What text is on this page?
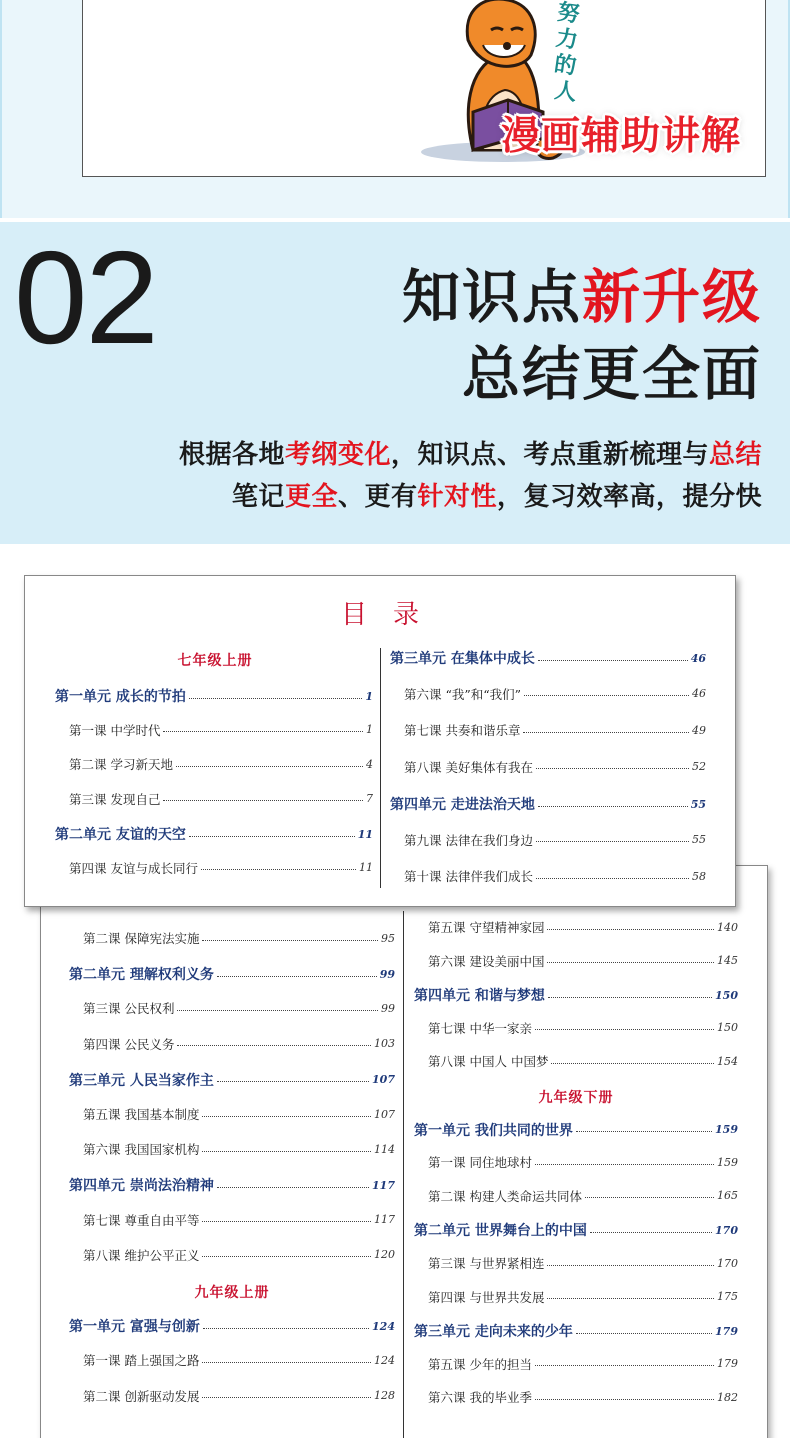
努
力
的
人
漫画辅助讲解
02	知识点新升级
总结更全面
根据各地考纲变化，知识点、考点重新梳理与总结
笔记更全、更有针对性，复习效率高，提分快
第二课 保障宪法实施	95
第二单元 理解权利义务	99
第三课 公民权利	99
第四课 公民义务	103
第三单元 人民当家作主	107
第五课 我国基本制度	107
第六课 我国国家机构	114
第四单元 崇尚法治精神	117
第七课 尊重自由平等	117
第八课 维护公平正义	120
九年级上册
第一单元 富强与创新	124
第一课 踏上强国之路	124
第二课 创新驱动发展	128
第五课 守望精神家园	140
第六课 建设美丽中国	145
第四单元 和谐与梦想	150
第七课 中华一家亲	150
第八课 中国人 中国梦	154
九年级下册
第一单元 我们共同的世界	159
第一课 同住地球村	159
第二课 构建人类命运共同体	165
第二单元 世界舞台上的中国	170
第三课 与世界紧相连	170
第四课 与世界共发展	175
第三单元 走向未来的少年	179
第五课 少年的担当	179
第六课 我的毕业季	182
目录
七年级上册
第一单元 成长的节拍	1
第一课 中学时代	1
第二课 学习新天地	4
第三课 发现自己	7
第二单元 友谊的天空	11
第四课 友谊与成长同行	11
第三单元 在集体中成长	46
第六课 “我”和“我们”	46
第七课 共奏和谐乐章	49
第八课 美好集体有我在	52
第四单元 走进法治天地	55
第九课 法律在我们身边	55
第十课 法律伴我们成长	58
